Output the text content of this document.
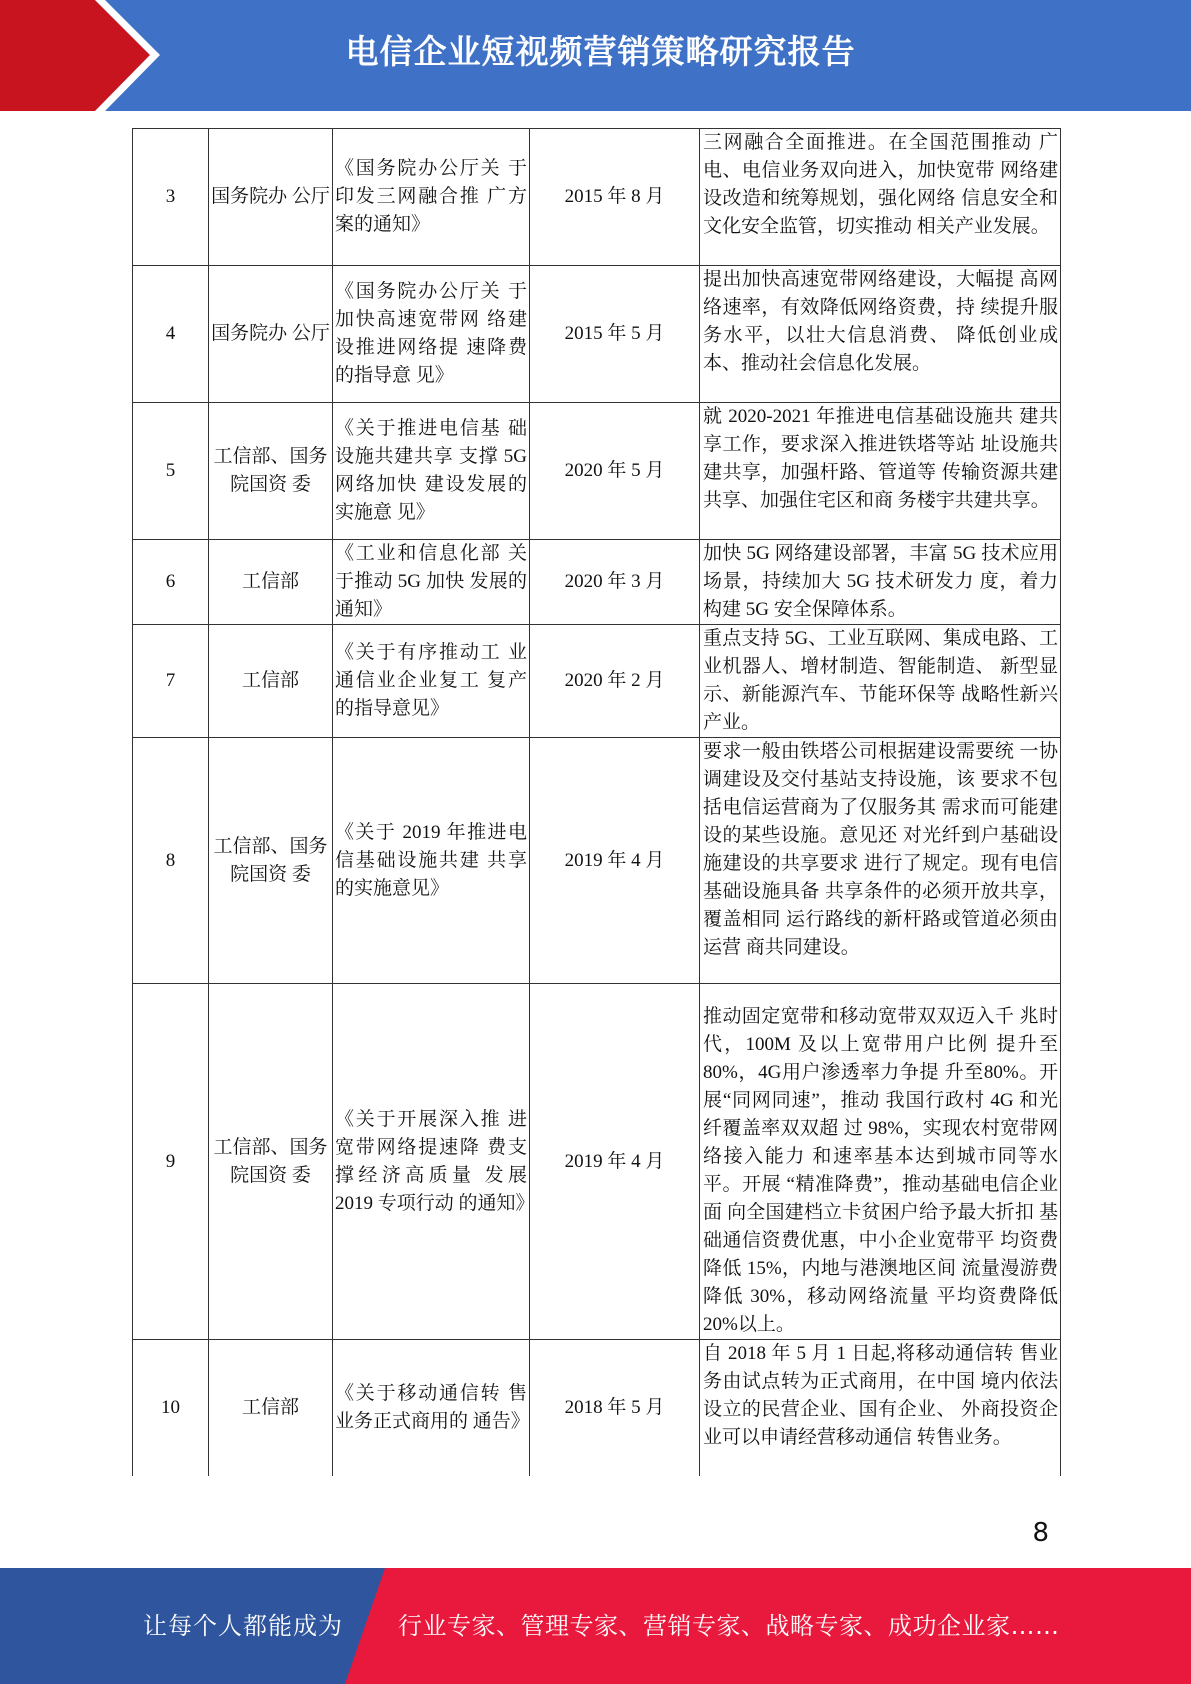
电信企业短视频营销策略研究报告
3	国务院办 公厅	《国务院办公厅关 于印发三网融合推 广方案的通知》	2015 年 8 月	三网融合全面推进。在全国范围推动 广电、电信业务双向进入，加快宽带 网络建设改造和统筹规划，强化网络 信息安全和文化安全监管，切实推动 相关产业发展。
4	国务院办 公厅	《国务院办公厅关 于加快高速宽带网 络建设推进网络提 速降费的指导意 见》	2015 年 5 月	提出加快高速宽带网络建设，大幅提 高网络速率，有效降低网络资费，持 续提升服务水平，以壮大信息消费、 降低创业成本、推动社会信息化发展。
5	工信部、国务院国资 委	《关于推进电信基 础设施共建共享 支撑 5G 网络加快 建设发展的实施意 见》	2020 年 5 月	就 2020-2021 年推进电信基础设施共 建共享工作，要求深入推进铁塔等站 址设施共建共享，加强杆路、管道等 传输资源共建共享、加强住宅区和商 务楼宇共建共享。
6	工信部	《工业和信息化部 关于推动 5G 加快 发展的通知》	2020 年 3 月	加快 5G 网络建设部署，丰富 5G 技术应用场景，持续加大 5G 技术研发力 度，着力构建 5G 安全保障体系。
7	工信部	《关于有序推动工 业通信业企业复工 复产的指导意见》	2020 年 2 月	重点支持 5G、工业互联网、集成电路、工业机器人、增材制造、智能制造、 新型显示、新能源汽车、节能环保等 战略性新兴产业。
8	工信部、国务院国资 委	《关于 2019 年推进电信基础设施共建 共享的实施意见》	2019 年 4 月	要求一般由铁塔公司根据建设需要统 一协调建设及交付基站支持设施，该 要求不包括电信运营商为了仅服务其 需求而可能建设的某些设施。意见还 对光纤到户基础设施建设的共享要求 进行了规定。现有电信基础设施具备 共享条件的必须开放共享，覆盖相同 运行路线的新杆路或管道必须由运营 商共同建设。
9	工信部、国务院国资 委	《关于开展深入推 进宽带网络提速降 费支撑经济高质量 发展 2019 专项行动 的通知》	2019 年 4 月	推动固定宽带和移动宽带双双迈入千 兆时代，100M 及以上宽带用户比例 提升至80%，4G用户渗透率力争提 升至80%。开展“同网同速”，推动 我国行政村 4G 和光纤覆盖率双双超 过 98%，实现农村宽带网络接入能力 和速率基本达到城市同等水平。开展 “精准降费”，推动基础电信企业面 向全国建档立卡贫困户给予最大折扣 基础通信资费优惠，中小企业宽带平 均资费降低 15%，内地与港澳地区间 流量漫游费降低 30%，移动网络流量 平均资费降低 20%以上。
10	工信部	《关于移动通信转 售业务正式商用的 通告》	2018 年 5 月	自 2018 年 5 月 1 日起,将移动通信转 售业务由试点转为正式商用，在中国 境内依法设立的民营企业、国有企业、 外商投资企业可以申请经营移动通信 转售业务。
8
让每个人都能成为 行业专家、管理专家、营销专家、战略专家、成功企业家……
